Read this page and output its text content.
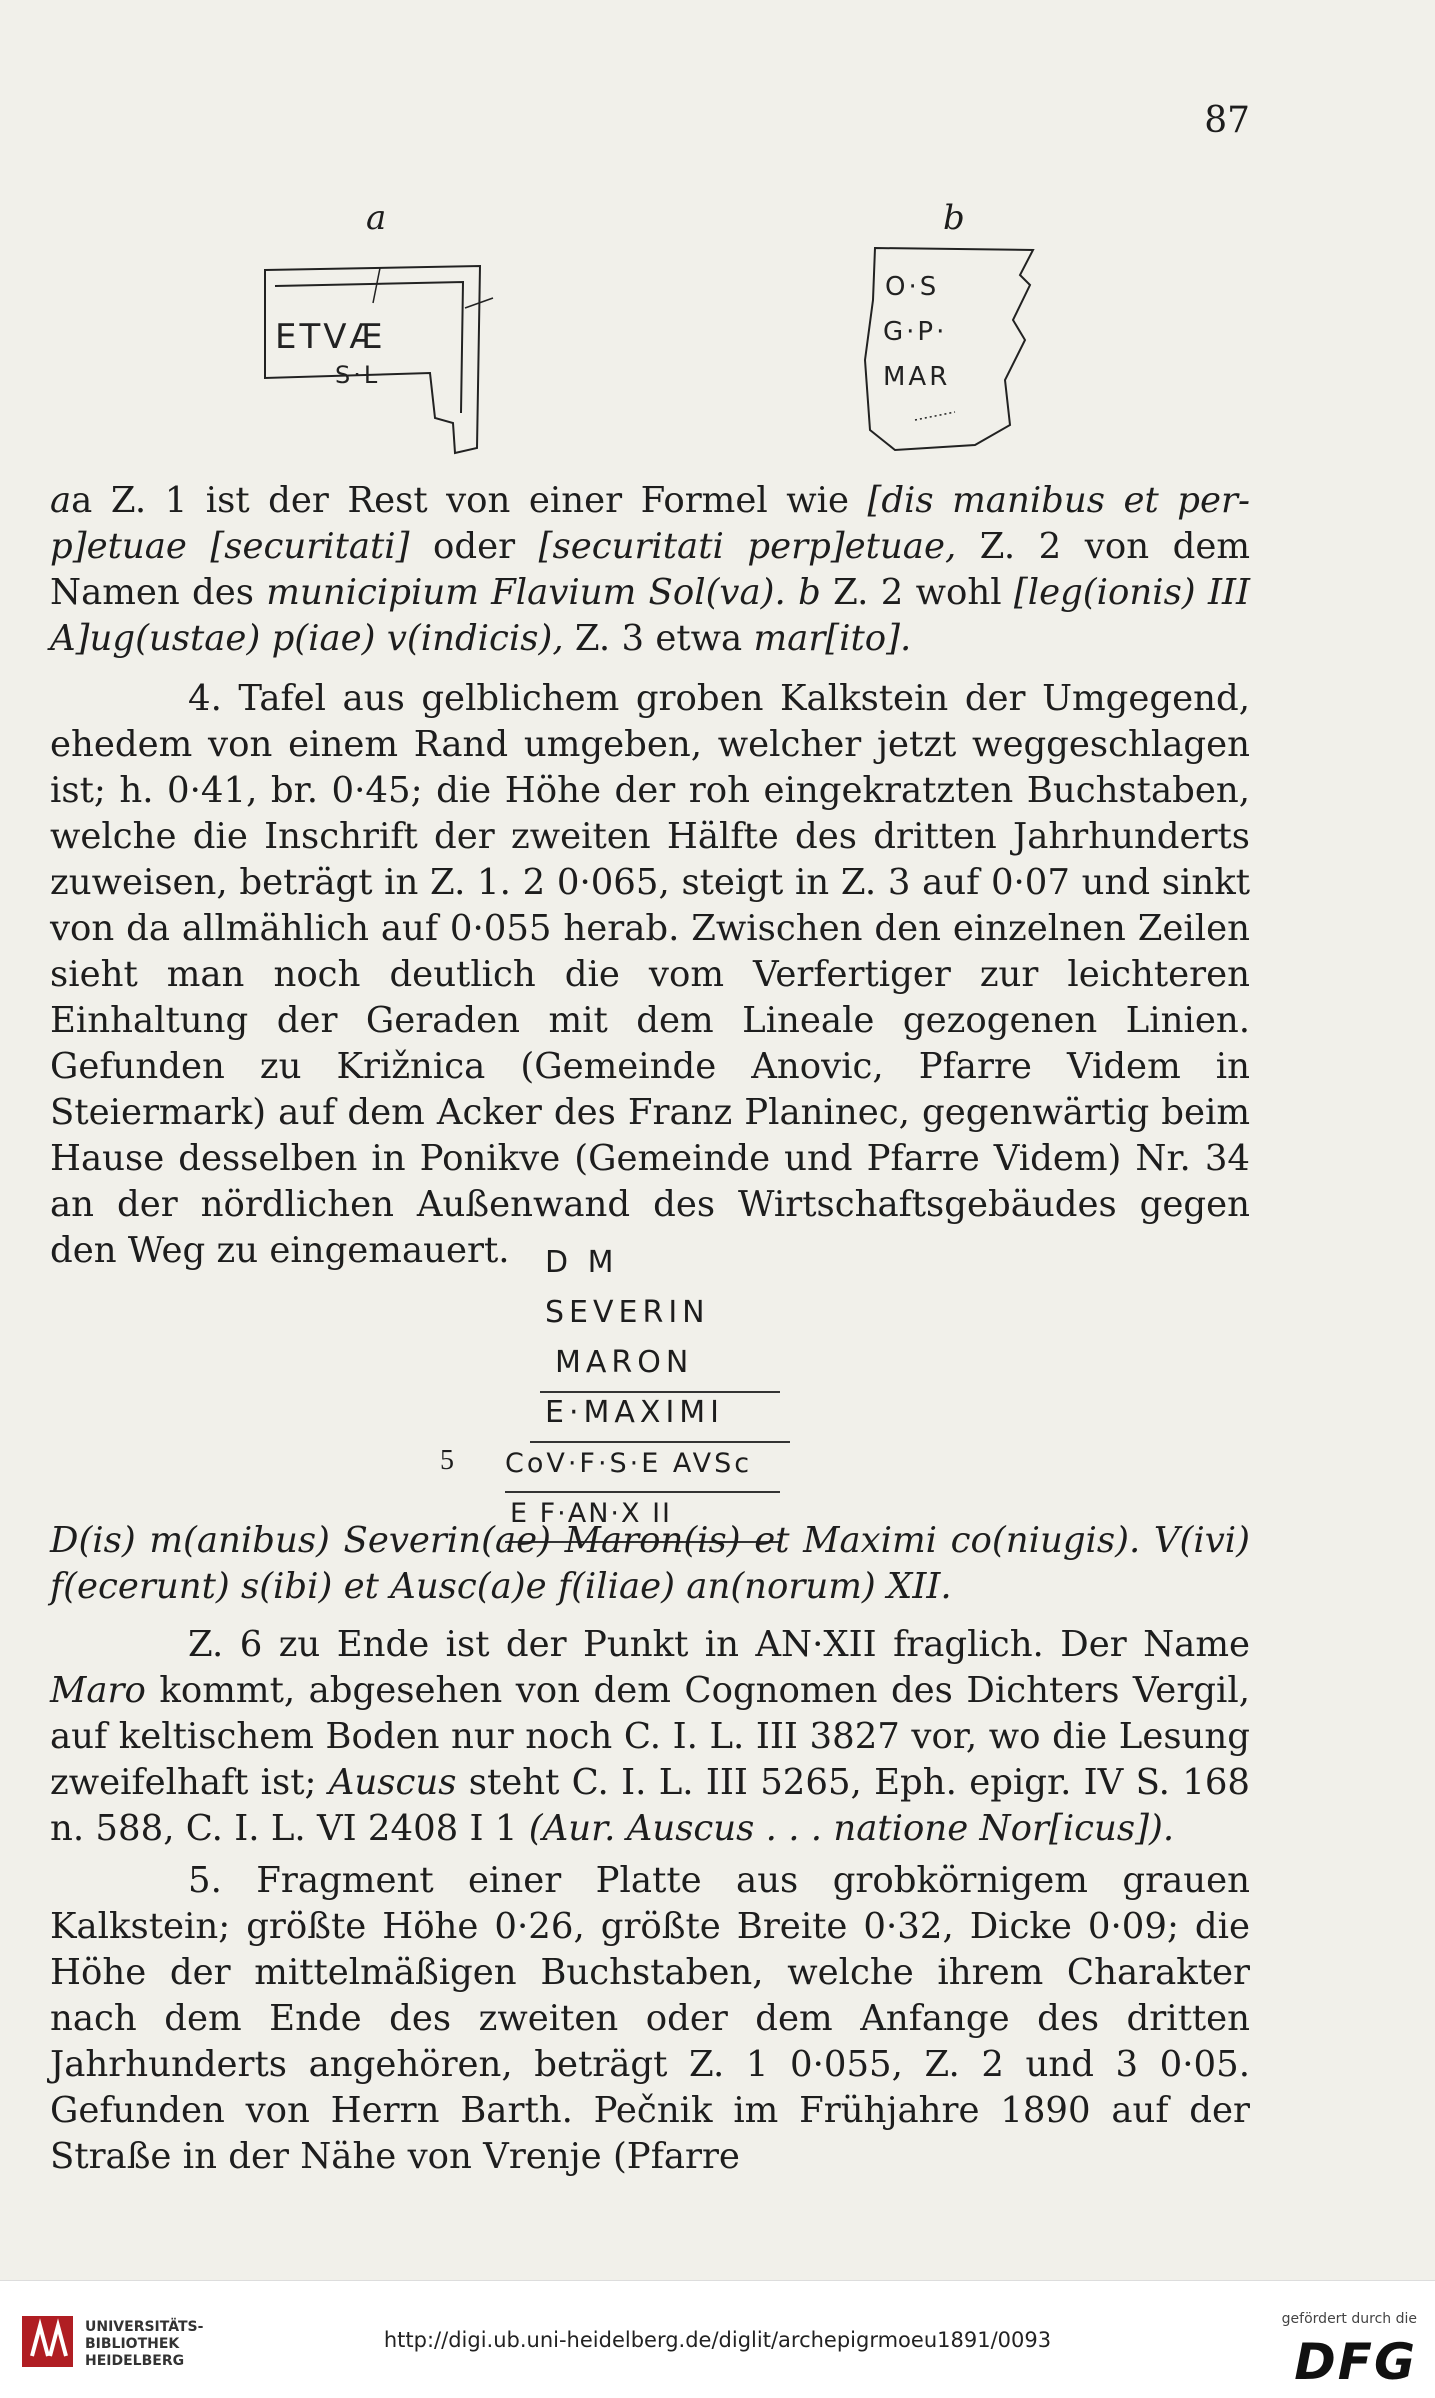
87
a	b
ETVÆ
S·L
O·S
G·P·
MAR
aa Z. 1 ist der Rest von einer Formel wie [dis manibus et per-p]etuae [securitati] oder [securitati perp]etuae, Z. 2 von dem Namen des municipium Flavium Sol(va). b Z. 2 wohl [leg(ionis) III A]ug(ustae) p(iae) v(indicis), Z. 3 etwa mar[ito].
4. Tafel aus gelblichem groben Kalkstein der Umgegend, ehedem von einem Rand umgeben, welcher jetzt weggeschlagen ist; h. 0·41, br. 0·45; die Höhe der roh eingekratzten Buchstaben, welche die Inschrift der zweiten Hälfte des dritten Jahrhunderts zuweisen, beträgt in Z. 1. 2 0·065, steigt in Z. 3 auf 0·07 und sinkt von da allmählich auf 0·055 herab. Zwischen den einzelnen Zeilen sieht man noch deutlich die vom Verfertiger zur leichteren Einhaltung der Geraden mit dem Lineale gezogenen Linien. Gefunden zu Križnica (Gemeinde Anovic, Pfarre Videm in Steiermark) auf dem Acker des Franz Planinec, gegenwärtig beim Hause desselben in Ponikve (Gemeinde und Pfarre Videm) Nr. 34 an der nördlichen Außenwand des Wirtschaftsgebäudes gegen den Weg zu eingemauert.	D M
SEVERIN
MARON
E·MAXIMI
5 CoV·F·S·E AVSc
E F·AN·X II
D(is) m(anibus) Severin(ae) Maron(is) et Maximi co(niugis). V(ivi) f(ecerunt) s(ibi) et Ausc(a)e f(iliae) an(norum) XII.
Z. 6 zu Ende ist der Punkt in AN·XII fraglich. Der Name Maro kommt, abgesehen von dem Cognomen des Dichters Vergil, auf keltischem Boden nur noch C. I. L. III 3827 vor, wo die Lesung zweifelhaft ist; Auscus steht C. I. L. III 5265, Eph. epigr. IV S. 168 n. 588, C. I. L. VI 2408 I 1 (Aur. Auscus . . . natione Nor[icus]).
5. Fragment einer Platte aus grobkörnigem grauen Kalkstein; größte Höhe 0·26, größte Breite 0·32, Dicke 0·09; die Höhe der mittelmäßigen Buchstaben, welche ihrem Charakter nach dem Ende des zweiten oder dem Anfange des dritten Jahrhunderts angehören, beträgt Z. 1 0·055, Z. 2 und 3 0·05. Gefunden von Herrn Barth. Pečnik im Frühjahre 1890 auf der Straße in der Nähe von Vrenje (Pfarre
UNIVERSITÄTS-
BIBLIOTHEK
HEIDELBERG
http://digi.ub.uni-heidelberg.de/diglit/archepigrmoeu1891/0093
gefördert durch die
DFG
